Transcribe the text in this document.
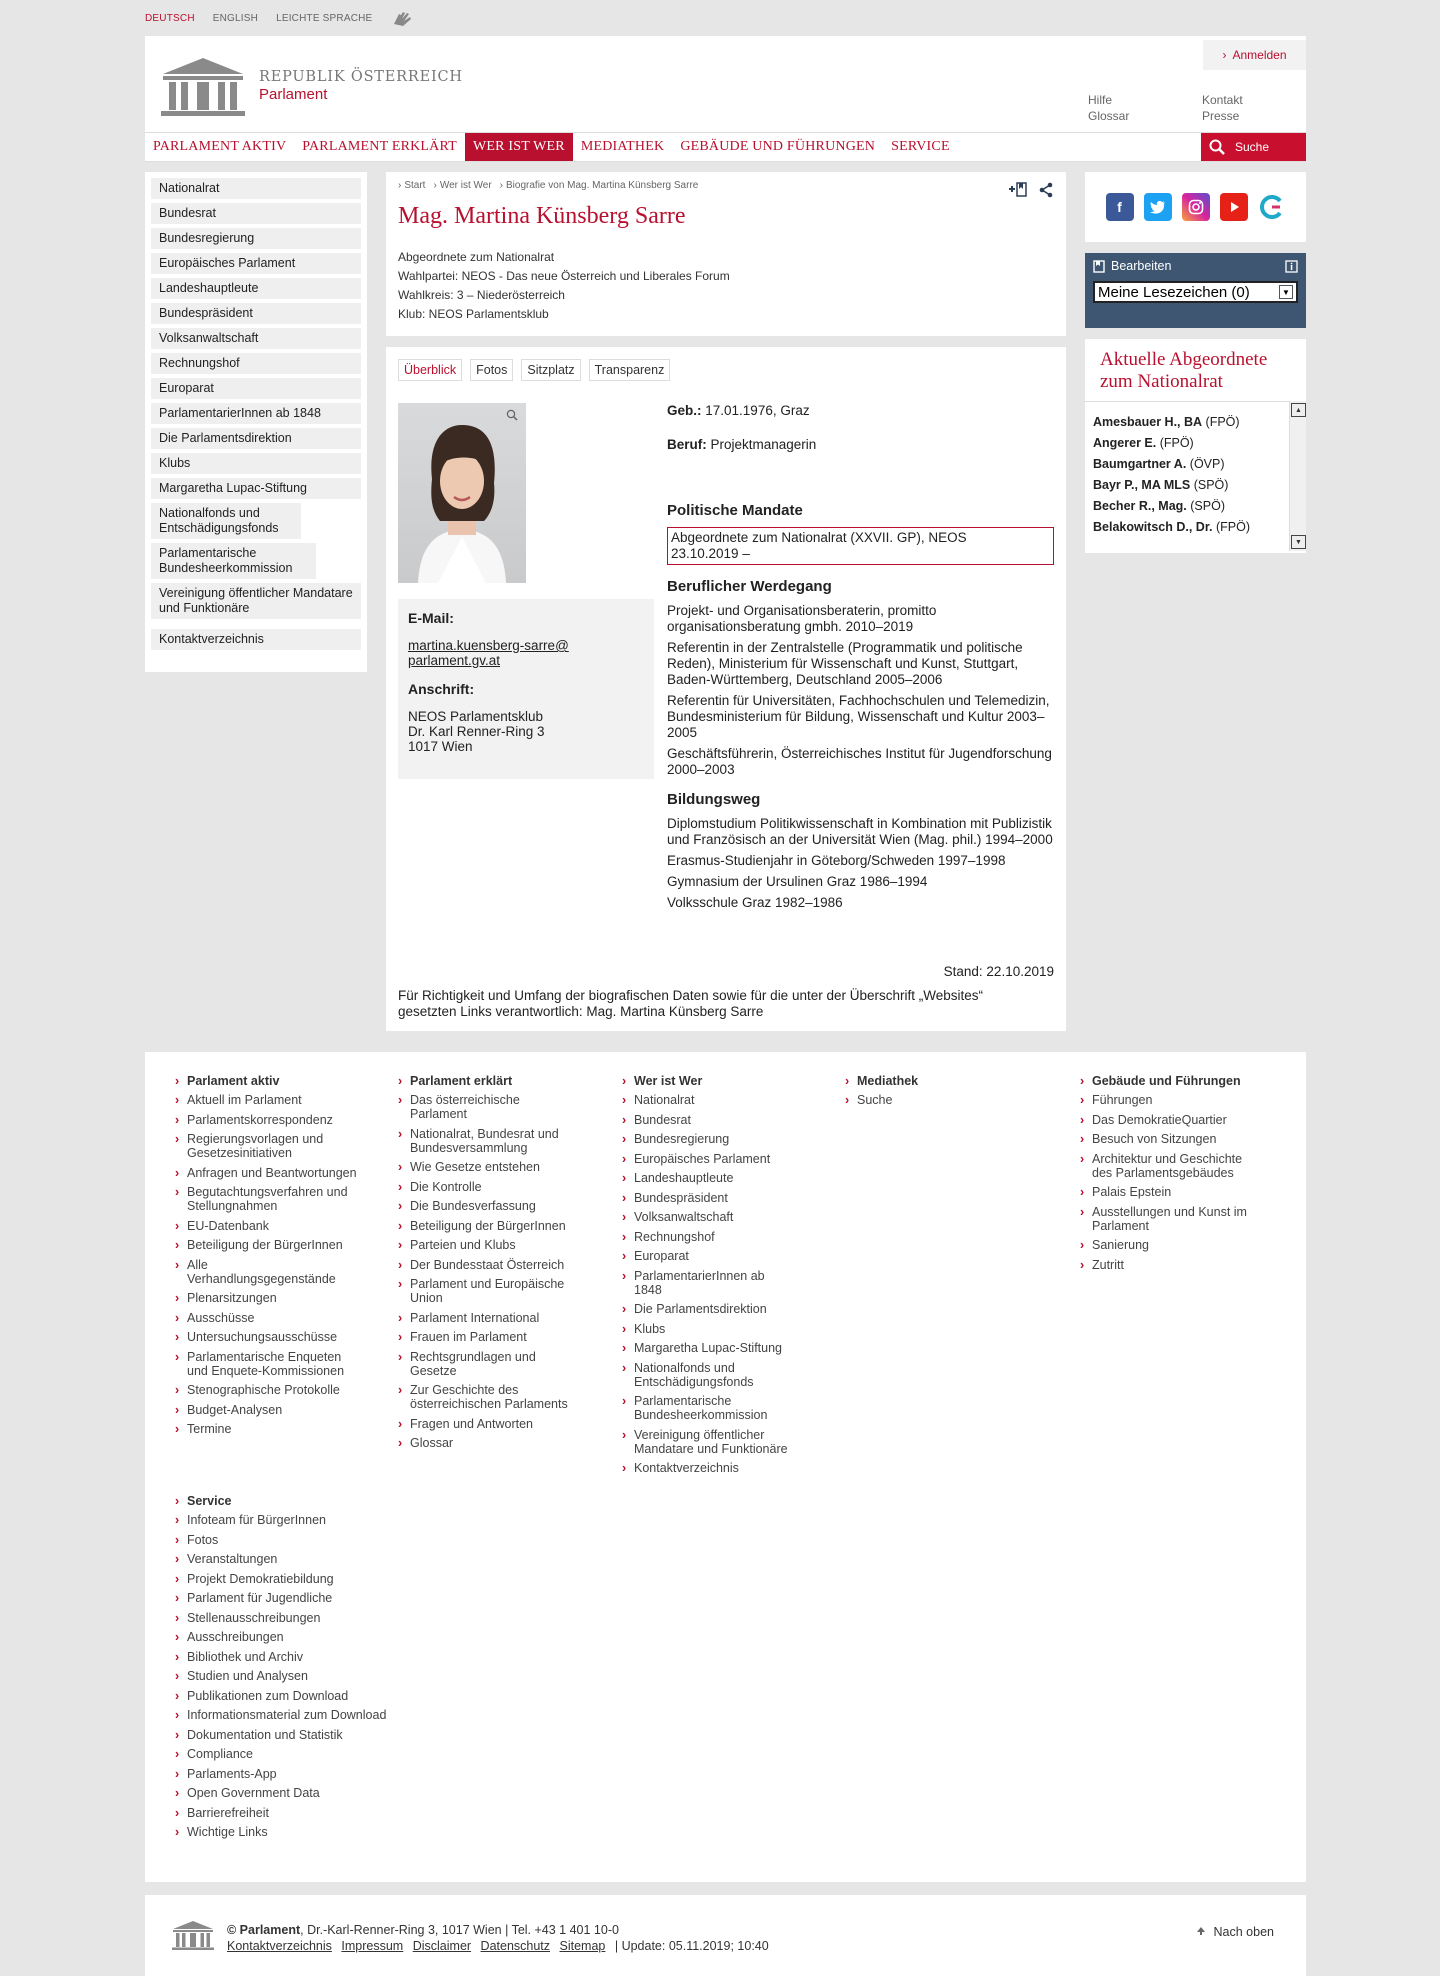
DEUTSCH ENGLISH LEICHTE SPRACHE
REPUBLIK ÖSTERREICH
Parlament
› Anmelden
Hilfe
Glossar
Kontakt
Presse
PARLAMENT AKTIV	PARLAMENT ERKLÄRT	WER IST WER	MEDIATHEK	GEBÄUDE UND FÜHRUNGEN	SERVICE	Suche
Nationalrat
Bundesrat
Bundesregierung
Europäisches Parlament
Landeshauptleute
Bundespräsident
Volksanwaltschaft
Rechnungshof
Europarat
ParlamentarierInnen ab 1848
Die Parlamentsdirektion
Klubs
Margaretha Lupac-Stiftung
Nationalfonds und Entschädigungsfonds
Parlamentarische Bundesheerkommission
Vereinigung öffentlicher Mandatare und Funktionäre
Kontaktverzeichnis
› Start	› Wer ist Wer	› Biografie von Mag. Martina Künsberg Sarre
Mag. Martina Künsberg Sarre
Abgeordnete zum Nationalrat
Wahlpartei: NEOS - Das neue Österreich und Liberales Forum
Wahlkreis: 3 – Niederösterreich
Klub: NEOS Parlamentsklub
Überblick	Fotos	Sitzplatz	Transparenz
E-Mail:
martina.kuensberg-sarre@
parlament.gv.at
Anschrift:
NEOS Parlamentsklub
Dr. Karl Renner-Ring 3
1017 Wien

Geb.: 17.01.1976, Graz

Beruf: Projektmanagerin

Politische Mandate
Abgeordnete zum Nationalrat (XXVII. GP), NEOS
23.10.2019 –
Beruflicher Werdegang

Projekt- und Organisationsberaterin, promitto organisationsberatung gmbh. 2010–2019

Referentin in der Zentralstelle (Programmatik und politische Reden), Ministerium für Wissenschaft und Kunst, Stuttgart, Baden-Württemberg, Deutschland 2005–2006

Referentin für Universitäten, Fachhochschulen und Telemedizin, Bundesministerium für Bildung, Wissenschaft und Kultur 2003–2005

Geschäftsführerin, Österreichisches Institut für Jugendforschung 2000–2003

Bildungsweg

Diplomstudium Politikwissenschaft in Kombination mit Publizistik und Französisch an der Universität Wien (Mag. phil.) 1994–2000

Erasmus-Studienjahr in Göteborg/Schweden 1997–1998

Gymnasium der Ursulinen Graz 1986–1994

Volksschule Graz 1982–1986

Stand: 22.10.2019
Für Richtigkeit und Umfang der biografischen Daten sowie für die unter der Überschrift „Websites“ gesetzten Links verantwortlich: Mag. Martina Künsberg Sarre
f
Bearbeiten
Meine Lesezeichen (0)	▼
Aktuelle Abgeordnete zum Nationalrat
Amesbauer H., BA (FPÖ)
Angerer E. (FPÖ)
Baumgartner A. (ÖVP)
Bayr P., MA MLS (SPÖ)
Becher R., Mag. (SPÖ)
Belakowitsch D., Dr. (FPÖ)
▲
▼
› Parlament aktiv
› Aktuell im Parlament
› Parlamentskorrespondenz
› Regierungsvorlagen und Gesetzesinitiativen
› Anfragen und Beantwortungen
› Begutachtungsverfahren und Stellungnahmen
› EU-Datenbank
› Beteiligung der BürgerInnen
› Alle Verhandlungsgegenstände
› Plenarsitzungen
› Ausschüsse
› Untersuchungsausschüsse
› Parlamentarische Enqueten und Enquete-Kommissionen
› Stenographische Protokolle
› Budget-Analysen
› Termine
› Parlament erklärt
› Das österreichische Parlament
› Nationalrat, Bundesrat und Bundesversammlung
› Wie Gesetze entstehen
› Die Kontrolle
› Die Bundesverfassung
› Beteiligung der BürgerInnen
› Parteien und Klubs
› Der Bundesstaat Österreich
› Parlament und Europäische Union
› Parlament International
› Frauen im Parlament
› Rechtsgrundlagen und Gesetze
› Zur Geschichte des österreichischen Parlaments
› Fragen und Antworten
› Glossar
› Wer ist Wer
› Nationalrat
› Bundesrat
› Bundesregierung
› Europäisches Parlament
› Landeshauptleute
› Bundespräsident
› Volksanwaltschaft
› Rechnungshof
› Europarat
› ParlamentarierInnen ab 1848
› Die Parlamentsdirektion
› Klubs
› Margaretha Lupac-Stiftung
› Nationalfonds und Entschädigungsfonds
› Parlamentarische Bundesheerkommission
› Vereinigung öffentlicher Mandatare und Funktionäre
› Kontaktverzeichnis
› Mediathek
› Suche
› Gebäude und Führungen
› Führungen
› Das DemokratieQuartier
› Besuch von Sitzungen
› Architektur und Geschichte des Parlamentsgebäudes
› Palais Epstein
› Ausstellungen und Kunst im Parlament
› Sanierung
› Zutritt
› Service
› Infoteam für BürgerInnen
› Fotos
› Veranstaltungen
› Projekt Demokratiebildung
› Parlament für Jugendliche
› Stellenausschreibungen
› Ausschreibungen
› Bibliothek und Archiv
› Studien und Analysen
› Publikationen zum Download
› Informationsmaterial zum Download
› Dokumentation und Statistik
› Compliance
› Parlaments-App
› Open Government Data
› Barrierefreiheit
› Wichtige Links
© Parlament, Dr.-Karl-Renner-Ring 3, 1017 Wien | Tel. +43 1 401 10-0
Kontaktverzeichnis Impressum Disclaimer Datenschutz Sitemap | Update: 05.11.2019; 10:40
Nach oben
